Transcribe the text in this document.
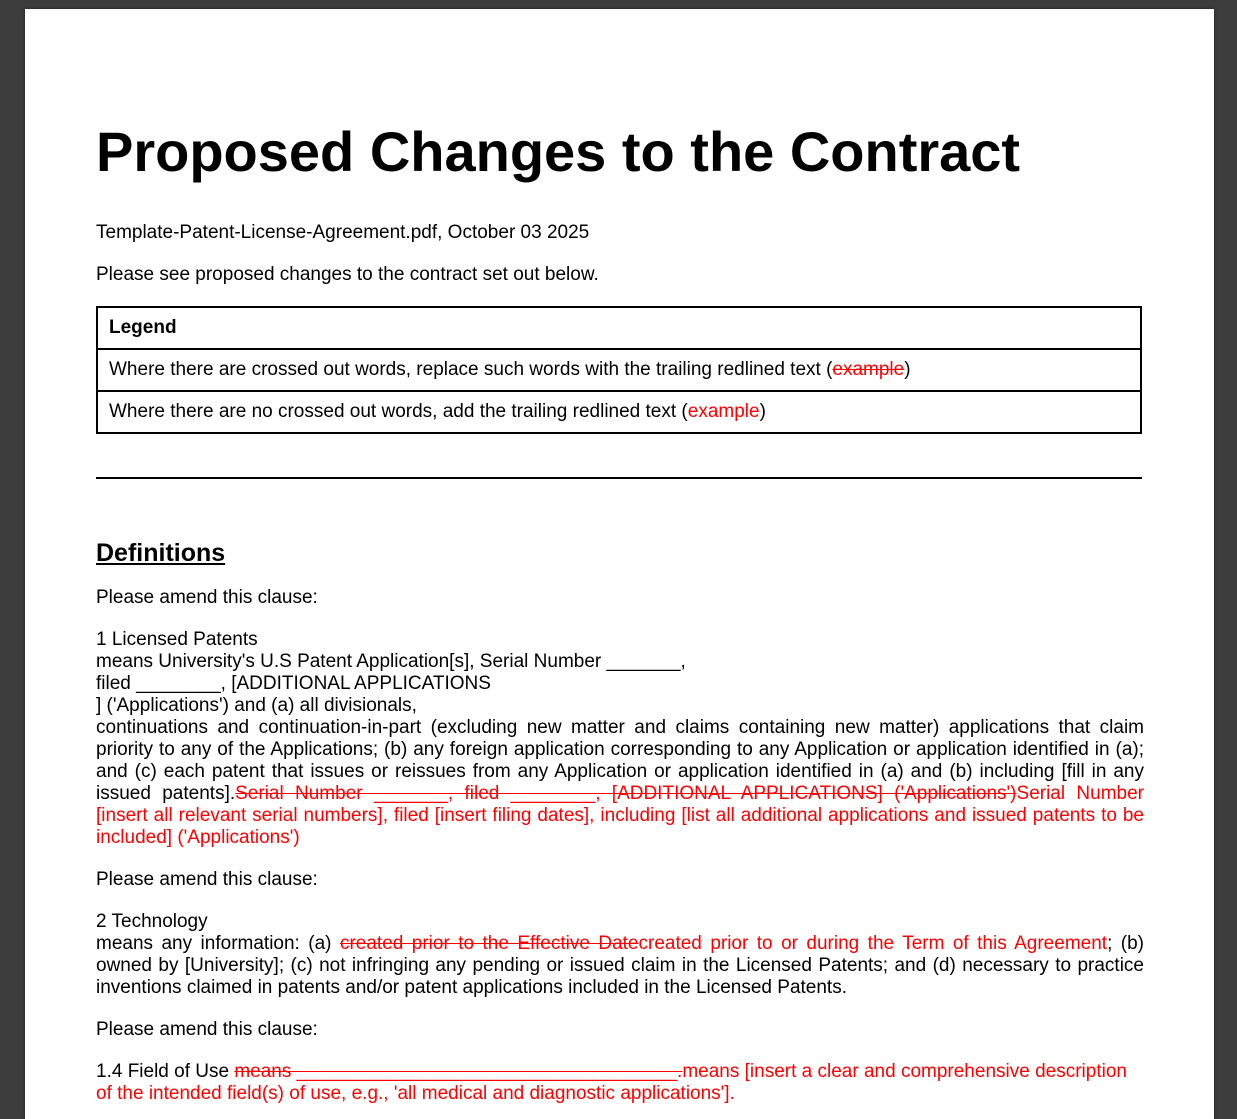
Proposed Changes to the Contract
Template-Patent-License-Agreement.pdf, October 03 2025
Please see proposed changes to the contract set out below.
Legend
Where there are crossed out words, replace such words with the trailing redlined text (example)
Where there are no crossed out words, add the trailing redlined text (example)
Definitions

Please amend this clause:

1 Licensed Patents

means University's U.S Patent Application[s], Serial Number _______,

filed ________, [ADDITIONAL APPLICATIONS

] ('Applications') and (a) all divisionals,

continuations and continuation-in-part (excluding new matter and claims containing new matter) applications that claim priority to any of the Applications; (b) any foreign application corresponding to any Application or application identified in (a); and (c) each patent that issues or reissues from any Application or application identified in (a) and (b) including [fill in any issued patents].Serial Number _______, filed ________, [ADDITIONAL APPLICATIONS] ('Applications')Serial Number [insert all relevant serial numbers], filed [insert filing dates], including [list all additional applications and issued patents to be included] ('Applications')

Please amend this clause:

2 Technology

means any information: (a) created prior to the Effective Datecreated prior to or during the Term of this Agreement; (b) owned by [University]; (c) not infringing any pending or issued claim in the Licensed Patents; and (d) necessary to practice inventions claimed in patents and/or patent applications included in the Licensed Patents.

Please amend this clause:

1.4 Field of Use means ____________________________________.means [insert a clear and comprehensive description of the intended field(s) of use, e.g., 'all medical and diagnostic applications'].
